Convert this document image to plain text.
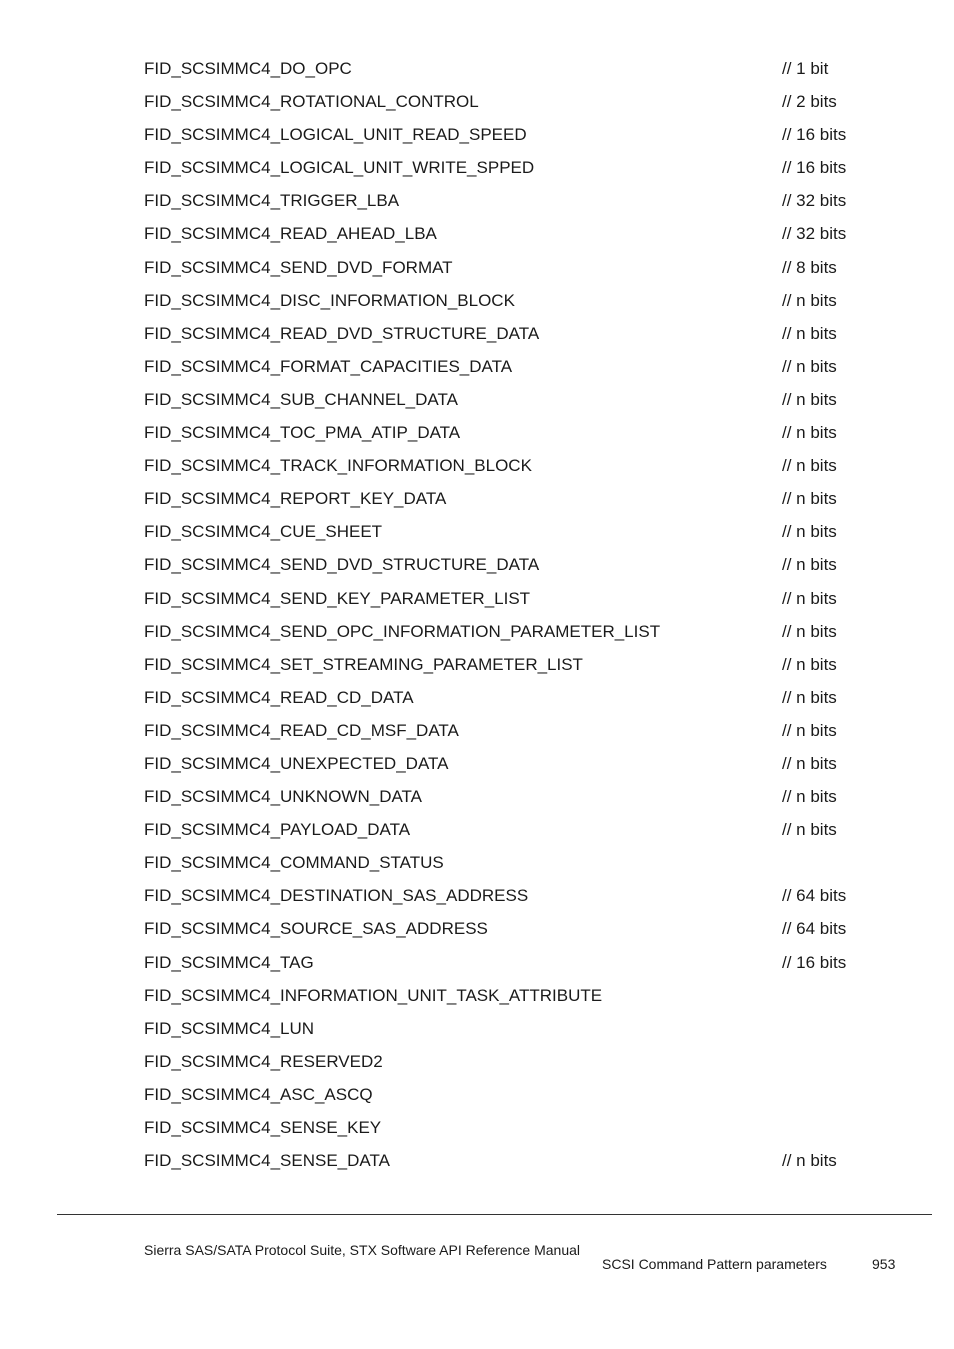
FID_SCSIMMC4_DO_OPC	// 1 bit
FID_SCSIMMC4_ROTATIONAL_CONTROL	// 2 bits
FID_SCSIMMC4_LOGICAL_UNIT_READ_SPEED	// 16 bits
FID_SCSIMMC4_LOGICAL_UNIT_WRITE_SPPED	// 16 bits
FID_SCSIMMC4_TRIGGER_LBA	// 32 bits
FID_SCSIMMC4_READ_AHEAD_LBA	// 32 bits
FID_SCSIMMC4_SEND_DVD_FORMAT	// 8 bits
FID_SCSIMMC4_DISC_INFORMATION_BLOCK	// n bits
FID_SCSIMMC4_READ_DVD_STRUCTURE_DATA	// n bits
FID_SCSIMMC4_FORMAT_CAPACITIES_DATA	// n bits
FID_SCSIMMC4_SUB_CHANNEL_DATA	// n bits
FID_SCSIMMC4_TOC_PMA_ATIP_DATA	// n bits
FID_SCSIMMC4_TRACK_INFORMATION_BLOCK	// n bits
FID_SCSIMMC4_REPORT_KEY_DATA	// n bits
FID_SCSIMMC4_CUE_SHEET	// n bits
FID_SCSIMMC4_SEND_DVD_STRUCTURE_DATA	// n bits
FID_SCSIMMC4_SEND_KEY_PARAMETER_LIST	// n bits
FID_SCSIMMC4_SEND_OPC_INFORMATION_PARAMETER_LIST	// n bits
FID_SCSIMMC4_SET_STREAMING_PARAMETER_LIST	// n bits
FID_SCSIMMC4_READ_CD_DATA	// n bits
FID_SCSIMMC4_READ_CD_MSF_DATA	// n bits
FID_SCSIMMC4_UNEXPECTED_DATA	// n bits
FID_SCSIMMC4_UNKNOWN_DATA	// n bits
FID_SCSIMMC4_PAYLOAD_DATA	// n bits
FID_SCSIMMC4_COMMAND_STATUS
FID_SCSIMMC4_DESTINATION_SAS_ADDRESS	// 64 bits
FID_SCSIMMC4_SOURCE_SAS_ADDRESS	// 64 bits
FID_SCSIMMC4_TAG	// 16 bits
FID_SCSIMMC4_INFORMATION_UNIT_TASK_ATTRIBUTE
FID_SCSIMMC4_LUN
FID_SCSIMMC4_RESERVED2
FID_SCSIMMC4_ASC_ASCQ
FID_SCSIMMC4_SENSE_KEY
FID_SCSIMMC4_SENSE_DATA	// n bits
Sierra SAS/SATA Protocol Suite, STX Software API Reference Manual
SCSI Command Pattern parameters	953
